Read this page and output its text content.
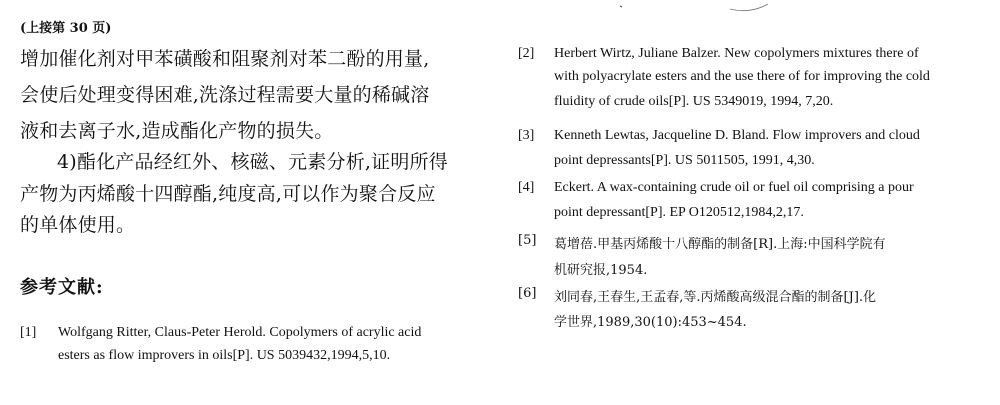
(上接第 30 页)
增加催化剂对甲苯磺酸和阻聚剂对苯二酚的用量,
会使后处理变得困难,洗涤过程需要大量的稀碱溶
液和去离子水,造成酯化产物的损失。
4)酯化产品经红外、核磁、元素分析,证明所得
产物为丙烯酸十四醇酯,纯度高,可以作为聚合反应
的单体使用。
参考文献:
[1] Wolfgang Ritter, Claus-Peter Herold. Copolymers of acrylic acid
esters as flow improvers in oils[P]. US 5039432,1994,5,10.
[2] Herbert Wirtz, Juliane Balzer. New copolymers mixtures there of
with polyacrylate esters and the use there of for improving the cold
fluidity of crude oils[P]. US 5349019, 1994, 7,20.
[3] Kenneth Lewtas, Jacqueline D. Bland. Flow improvers and cloud
point depressants[P]. US 5011505, 1991, 4,30.
[4] Eckert. A wax-containing crude oil or fuel oil comprising a pour
point depressant[P]. EP O120512,1984,2,17.
[5] 葛增蓓.甲基丙烯酸十八醇酯的制备[R].上海:中国科学院有
机研究报,1954.
[6] 刘同春,王春生,王孟春,等.丙烯酸高级混合酯的制备[J].化
学世界,1989,30(10):453~454.
